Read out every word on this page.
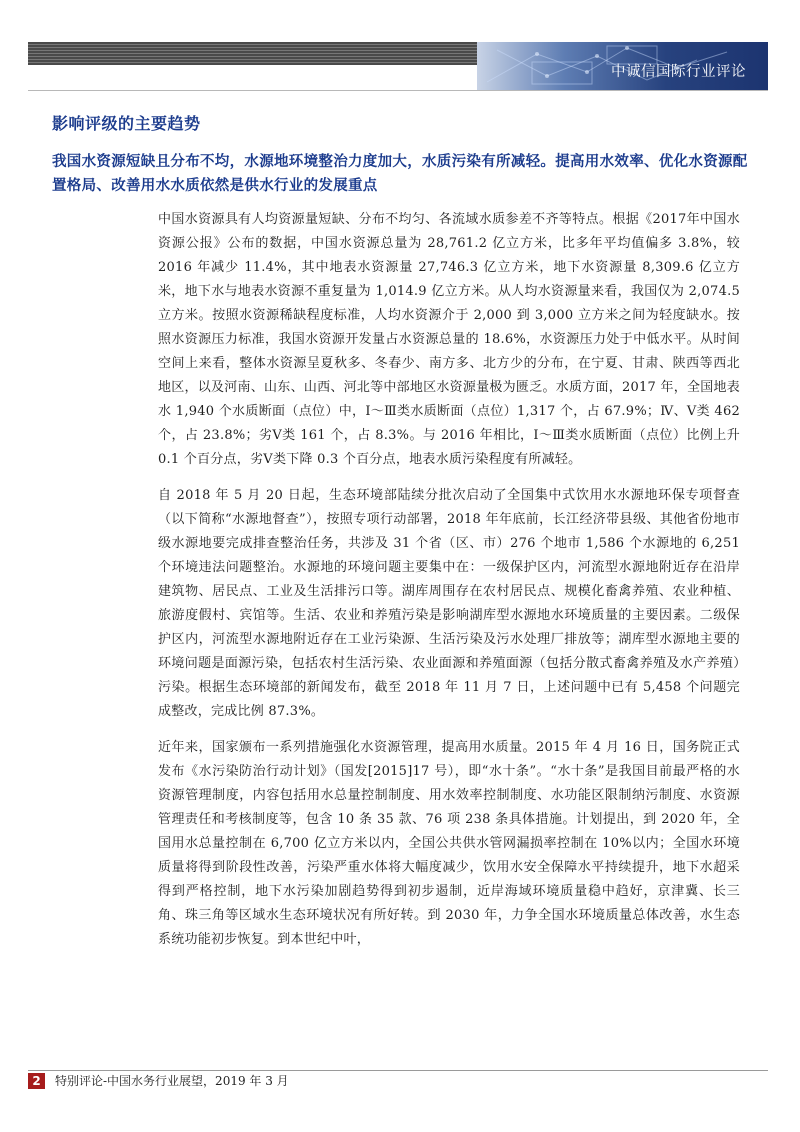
中诚信国际行业评论
影响评级的主要趋势
我国水资源短缺且分布不均，水源地环境整治力度加大，水质污染有所减轻。提高用水效率、优化水资源配置格局、改善用水水质依然是供水行业的发展重点

中国水资源具有人均资源量短缺、分布不均匀、各流域水质参差不齐等特点。根据《2017年中国水资源公报》公布的数据，中国水资源总量为 28,761.2 亿立方米，比多年平均值偏多 3.8%，较 2016 年减少 11.4%，其中地表水资源量 27,746.3 亿立方米，地下水资源量 8,309.6 亿立方米，地下水与地表水资源不重复量为 1,014.9 亿立方米。从人均水资源量来看，我国仅为 2,074.5 立方米。按照水资源稀缺程度标准，人均水资源介于 2,000 到 3,000 立方米之间为轻度缺水。按照水资源压力标准，我国水资源开发量占水资源总量的 18.6%，水资源压力处于中低水平。从时间空间上来看，整体水资源呈夏秋多、冬春少、南方多、北方少的分布，在宁夏、甘肃、陕西等西北地区，以及河南、山东、山西、河北等中部地区水资源量极为匮乏。水质方面，2017 年，全国地表水 1,940 个水质断面（点位）中，Ⅰ～Ⅲ类水质断面（点位）1,317 个，占 67.9%；Ⅳ、Ⅴ类 462 个，占 23.8%；劣Ⅴ类 161 个，占 8.3%。与 2016 年相比，Ⅰ～Ⅲ类水质断面（点位）比例上升 0.1 个百分点，劣Ⅴ类下降 0.3 个百分点，地表水质污染程度有所减轻。

自 2018 年 5 月 20 日起，生态环境部陆续分批次启动了全国集中式饮用水水源地环保专项督查（以下简称“水源地督查”），按照专项行动部署，2018 年年底前，长江经济带县级、其他省份地市级水源地要完成排查整治任务，共涉及 31 个省（区、市）276 个地市 1,586 个水源地的 6,251 个环境违法问题整治。水源地的环境问题主要集中在：一级保护区内，河流型水源地附近存在沿岸建筑物、居民点、工业及生活排污口等。湖库周围存在农村居民点、规模化畜禽养殖、农业种植、旅游度假村、宾馆等。生活、农业和养殖污染是影响湖库型水源地水环境质量的主要因素。二级保护区内，河流型水源地附近存在工业污染源、生活污染及污水处理厂排放等；湖库型水源地主要的环境问题是面源污染，包括农村生活污染、农业面源和养殖面源（包括分散式畜禽养殖及水产养殖）污染。根据生态环境部的新闻发布，截至 2018 年 11 月 7 日，上述问题中已有 5,458 个问题完成整改，完成比例 87.3%。

近年来，国家颁布一系列措施强化水资源管理，提高用水质量。2015 年 4 月 16 日，国务院正式发布《水污染防治行动计划》（国发[2015]17 号），即“水十条”。“水十条”是我国目前最严格的水资源管理制度，内容包括用水总量控制制度、用水效率控制制度、水功能区限制纳污制度、水资源管理责任和考核制度等，包含 10 条 35 款、76 项 238 条具体措施。计划提出，到 2020 年，全国用水总量控制在 6,700 亿立方米以内，全国公共供水管网漏损率控制在 10%以内；全国水环境质量将得到阶段性改善，污染严重水体将大幅度减少，饮用水安全保障水平持续提升，地下水超采得到严格控制，地下水污染加剧趋势得到初步遏制，近岸海域环境质量稳中趋好，京津冀、长三角、珠三角等区域水生态环境状况有所好转。到 2030 年，力争全国水环境质量总体改善，水生态系统功能初步恢复。到本世纪中叶，

2	特别评论-中国水务行业展望，2019 年 3 月
